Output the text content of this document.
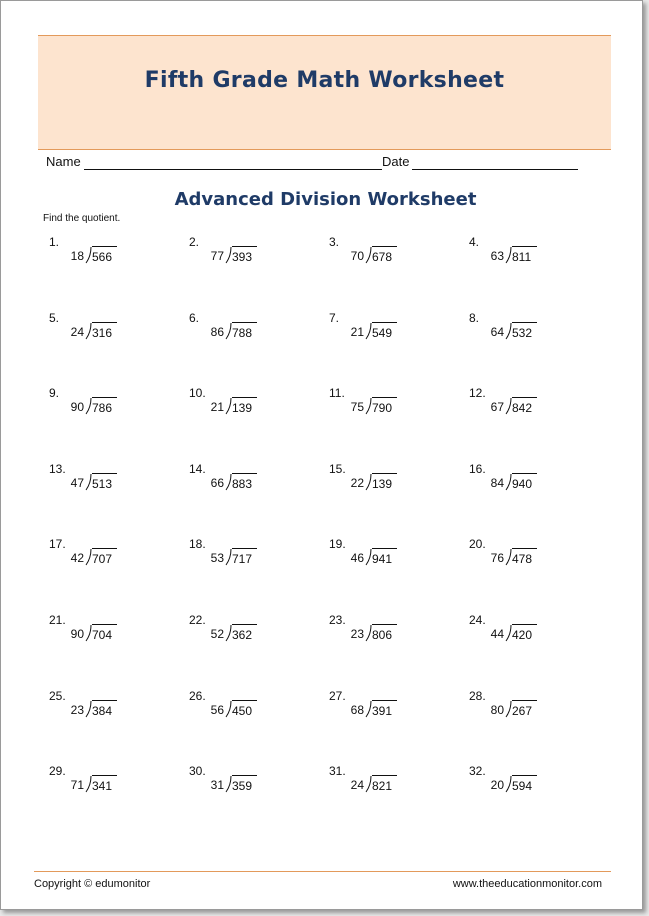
Fifth Grade Math Worksheet
Name	Date
Advanced Division Worksheet
Find the quotient.
1.
18 566
2.
77 393
3.
70 678
4.
63 811
5.
24 316
6.
86 788
7.
21 549
8.
64 532
9.
90 786
10.
21 139
11.
75 790
12.
67 842
13.
47 513
14.
66 883
15.
22 139
16.
84 940
17.
42 707
18.
53 717
19.
46 941
20.
76 478
21.
90 704
22.
52 362
23.
23 806
24.
44 420
25.
23 384
26.
56 450
27.
68 391
28.
80 267
29.
71 341
30.
31 359
31.
24 821
32.
20 594
Copyright © edumonitor	www.theeducationmonitor.com
